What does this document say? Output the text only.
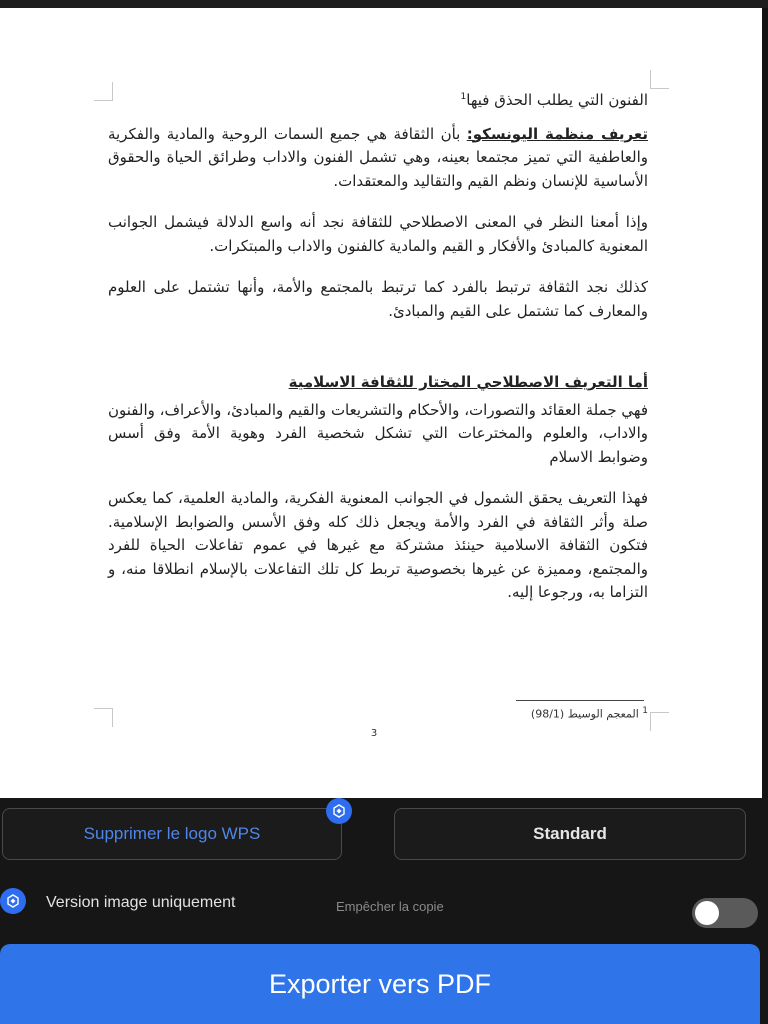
الفنون التي يطلب الحذق فيها$^1$

تعريف منظمة اليونسكو: بأن الثقافة هي جميع السمات الروحية والمادية والفكرية والعاطفية التي تميز مجتمعا بعينه، وهي تشمل الفنون والاداب وطرائق الحياة والحقوق الأساسية للإنسان ونظم القيم والتقاليد والمعتقدات.

وإذا أمعنا النظر في المعنى الاصطلاحي للثقافة نجد أنه واسع الدلالة فيشمل الجوانب المعنوية كالمبادئ والأفكار و القيم والمادية كالفنون والاداب والمبتكرات.

كذلك نجد الثقافة ترتبط بالفرد كما ترتبط بالمجتمع والأمة، وأنها تشتمل على العلوم والمعارف كما تشتمل على القيم والمبادئ.

أما التعريف الاصطلاحي المختار للثقافة الاسلامية

فهي جملة العقائد والتصورات، والأحكام والتشريعات والقيم والمبادئ، والأعراف، والفنون والاداب، والعلوم والمخترعات التي تشكل شخصية الفرد وهوية الأمة وفق أسس وضوابط الاسلام

فهذا التعريف يحقق الشمول في الجوانب المعنوية الفكرية، والمادية العلمية، كما يعكس صلة وأثر الثقافة في الفرد والأمة ويجعل ذلك كله وفق الأسس والضوابط الإسلامية. فتكون الثقافة الاسلامية حينئذ مشتركة مع غيرها في عموم تفاعلات الحياة للفرد والمجتمع، ومميزة عن غيرها بخصوصية تربط كل تلك التفاعلات بالإسلام انطلاقا منه، و التزاما به، ورجوعا إليه.

$^1$ المعجم الوسيط (98/1)
3
Supprimer le logo WPS	Standard
Version image uniquement	Empêcher la copie
Exporter vers PDF
